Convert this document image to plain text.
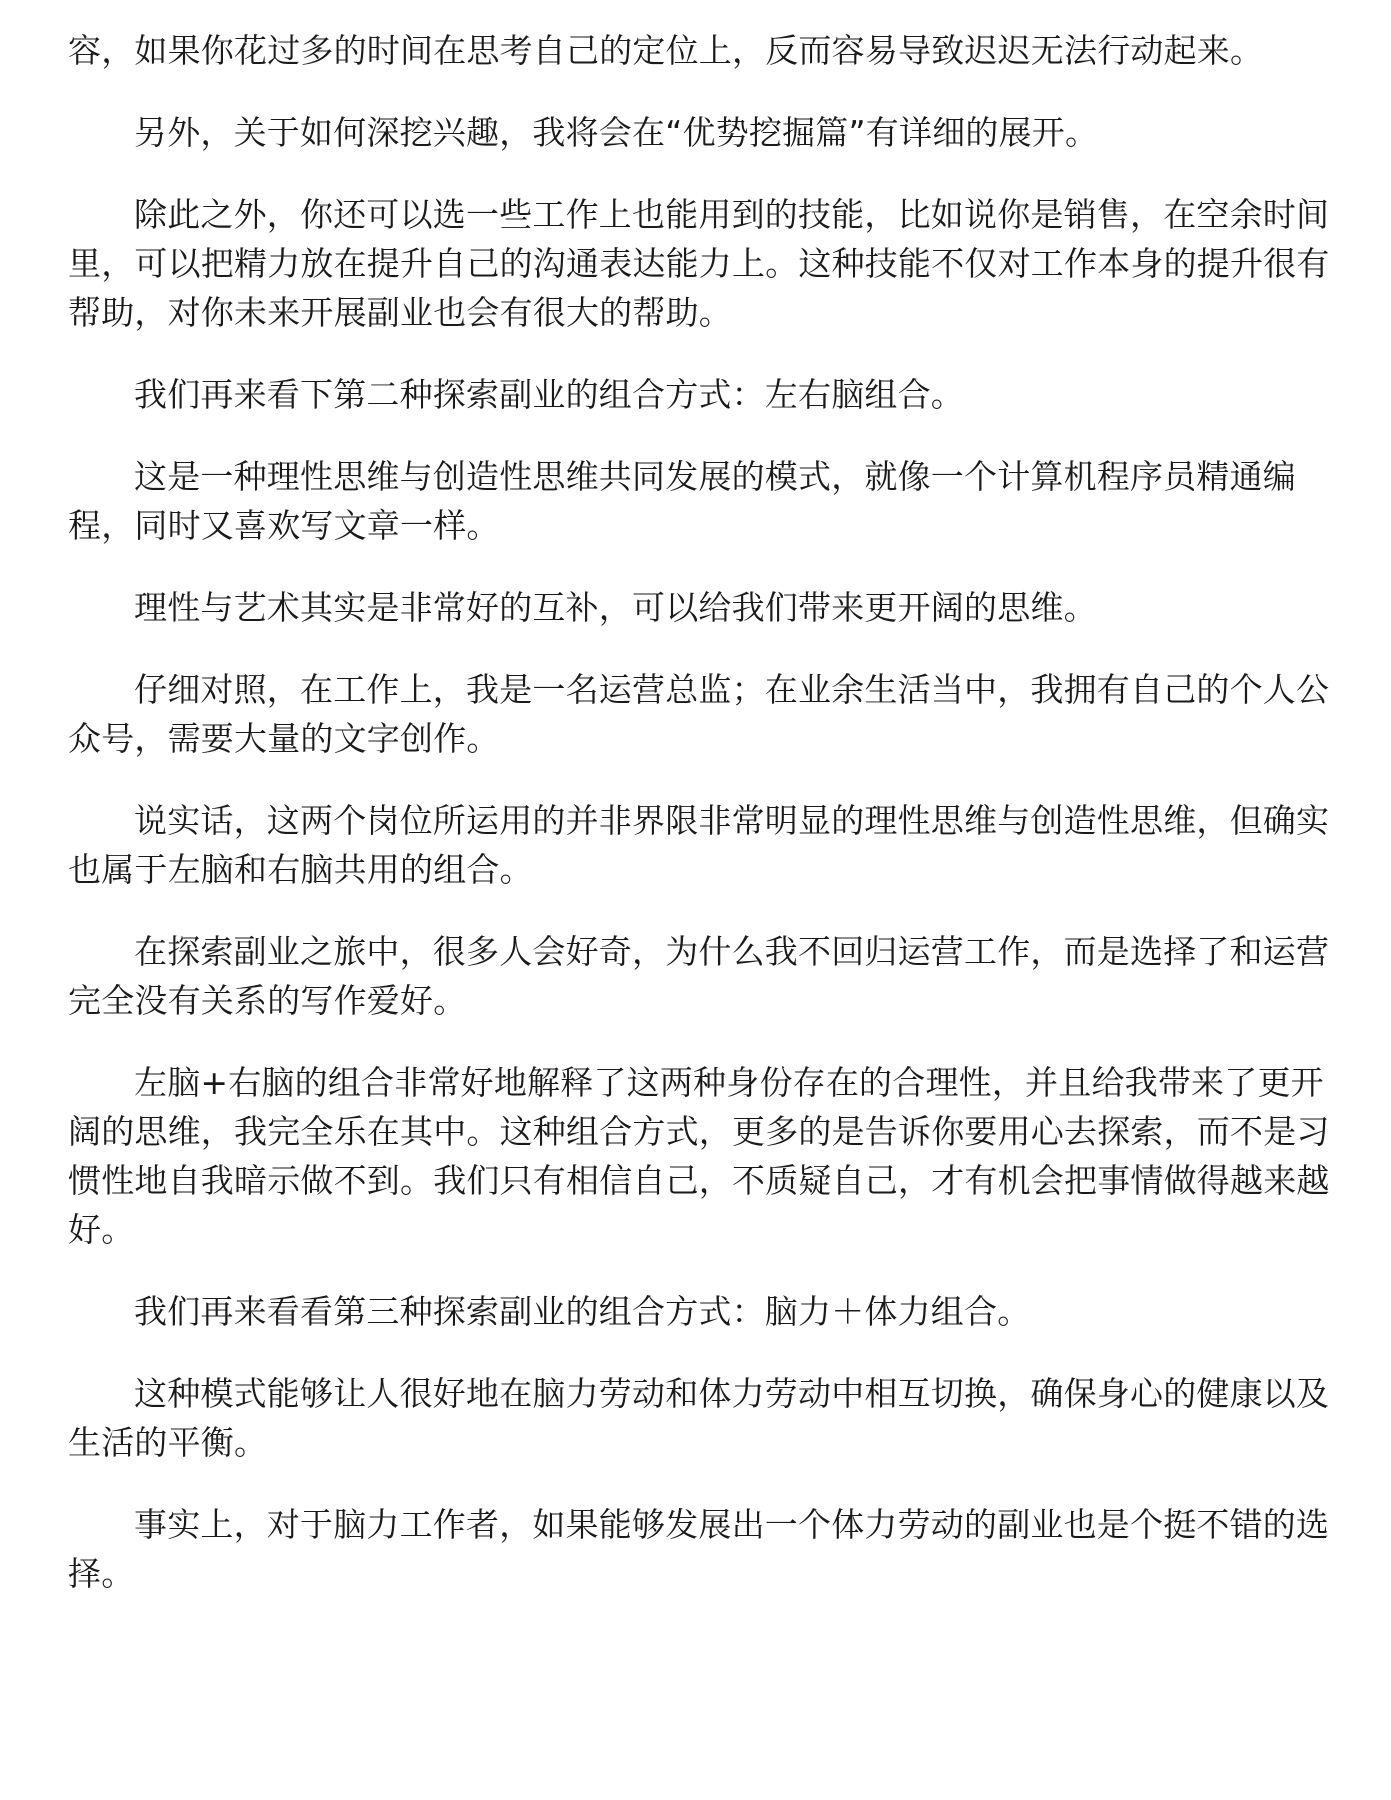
容，如果你花过多的时间在思考自己的定位上，反而容易导致迟迟无法行动起来。

另外，关于如何深挖兴趣，我将会在“优势挖掘篇”有详细的展开。

除此之外，你还可以选一些工作上也能用到的技能，比如说你是销售，在空余时间里，可以把精力放在提升自己的沟通表达能力上。这种技能不仅对工作本身的提升很有帮助，对你未来开展副业也会有很大的帮助。

我们再来看下第二种探索副业的组合方式：左右脑组合。

这是一种理性思维与创造性思维共同发展的模式，就像一个计算机程序员精通编程，同时又喜欢写文章一样。

理性与艺术其实是非常好的互补，可以给我们带来更开阔的思维。

仔细对照，在工作上，我是一名运营总监；在业余生活当中，我拥有自己的个人公众号，需要大量的文字创作。

说实话，这两个岗位所运用的并非界限非常明显的理性思维与创造性思维，但确实也属于左脑和右脑共用的组合。

在探索副业之旅中，很多人会好奇，为什么我不回归运营工作，而是选择了和运营完全没有关系的写作爱好。

左脑+右脑的组合非常好地解释了这两种身份存在的合理性，并且给我带来了更开阔的思维，我完全乐在其中。这种组合方式，更多的是告诉你要用心去探索，而不是习惯性地自我暗示做不到。我们只有相信自己，不质疑自己，才有机会把事情做得越来越好。

我们再来看看第三种探索副业的组合方式：脑力＋体力组合。

这种模式能够让人很好地在脑力劳动和体力劳动中相互切换，确保身心的健康以及生活的平衡。

事实上，对于脑力工作者，如果能够发展出一个体力劳动的副业也是个挺不错的选择。
